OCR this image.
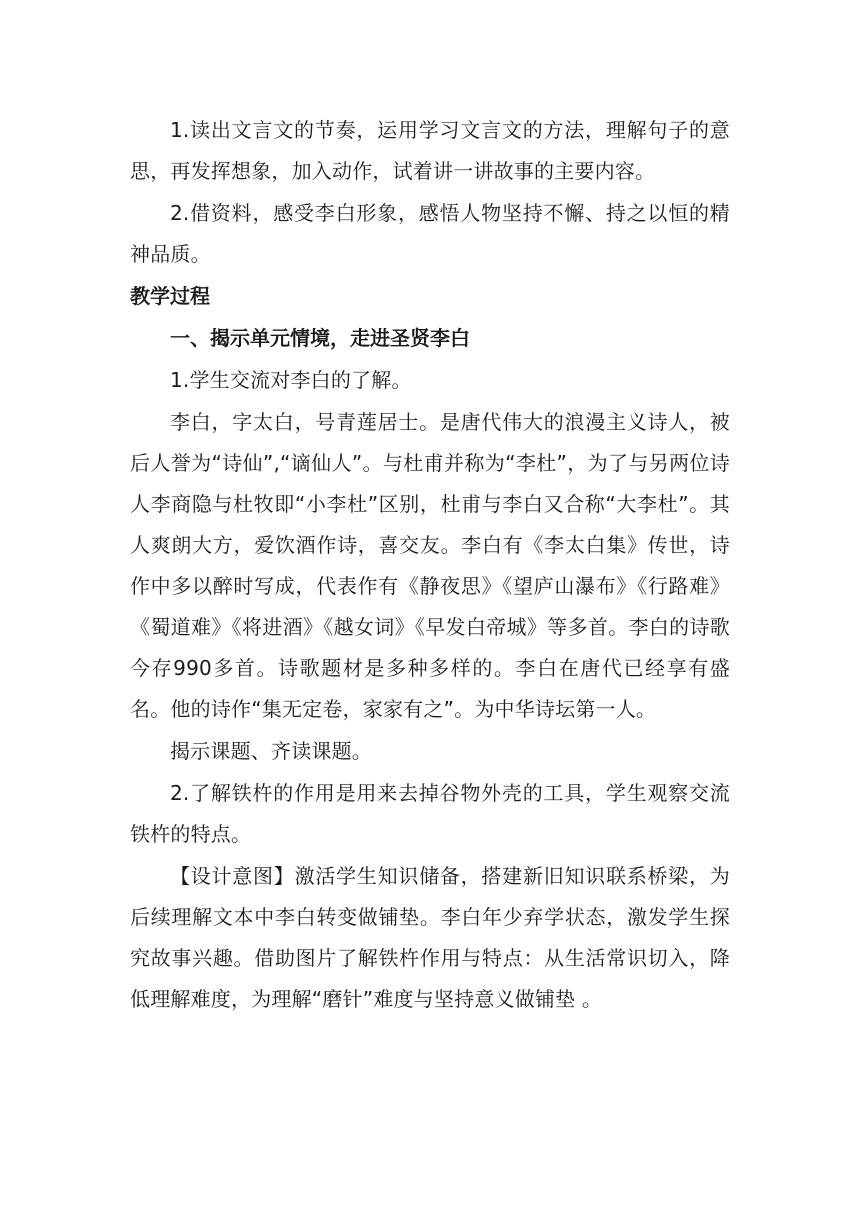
1.读出文言文的节奏，运用学习文言文的方法，理解句子的意思，再发挥想象，加入动作，试着讲一讲故事的主要内容。

2.借资料，感受李白形象，感悟人物坚持不懈、持之以恒的精神品质。

教学过程

一、揭示单元情境，走进圣贤李白

1.学生交流对李白的了解。

李白，字太白，号青莲居士。是唐代伟大的浪漫主义诗人，被后人誉为“诗仙”,“谪仙人”。与杜甫并称为“李杜”，为了与另两位诗人李商隐与杜牧即“小李杜”区别，杜甫与李白又合称“大李杜”。其人爽朗大方，爱饮酒作诗，喜交友。李白有《李太白集》传世，诗作中多以醉时写成，代表作有《静夜思》《望庐山瀑布》《行路难》《蜀道难》《将进酒》《越女词》《早发白帝城》等多首。李白的诗歌今存990多首。诗歌题材是多种多样的。李白在唐代已经享有盛名。他的诗作“集无定卷，家家有之”。为中华诗坛第一人。

揭示课题、齐读课题。

2.了解铁杵的作用是用来去掉谷物外壳的工具，学生观察交流铁杵的特点。

【设计意图】激活学生知识储备，搭建新旧知识联系桥梁，为后续理解文本中李白转变做铺垫。李白年少弃学状态，激发学生探究故事兴趣。借助图片了解铁杵作用与特点：从生活常识切入，降低理解难度，为理解“磨针”难度与坚持意义做铺垫 。
